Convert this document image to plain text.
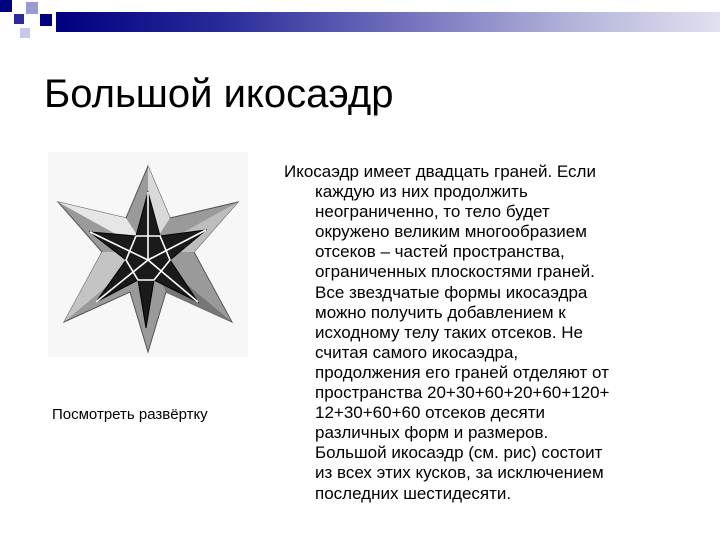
Большой икосаэдр
Посмотреть развёртку
Икосаэдр имеет двадцать граней. Если
каждую из них продолжить
неограниченно, то тело будет
окружено великим многообразием
отсеков – частей пространства,
ограниченных плоскостями граней.
Все звездчатые формы икосаэдра
можно получить добавлением к
исходному телу таких отсеков. Не
считая самого икосаэдра,
продолжения его граней отделяют от
пространства 20+30+60+20+60+120+
12+30+60+60 отсеков десяти
различных форм и размеров.
Большой икосаэдр (см. рис) состоит
из всех этих кусков, за исключением
последних шестидесяти.
